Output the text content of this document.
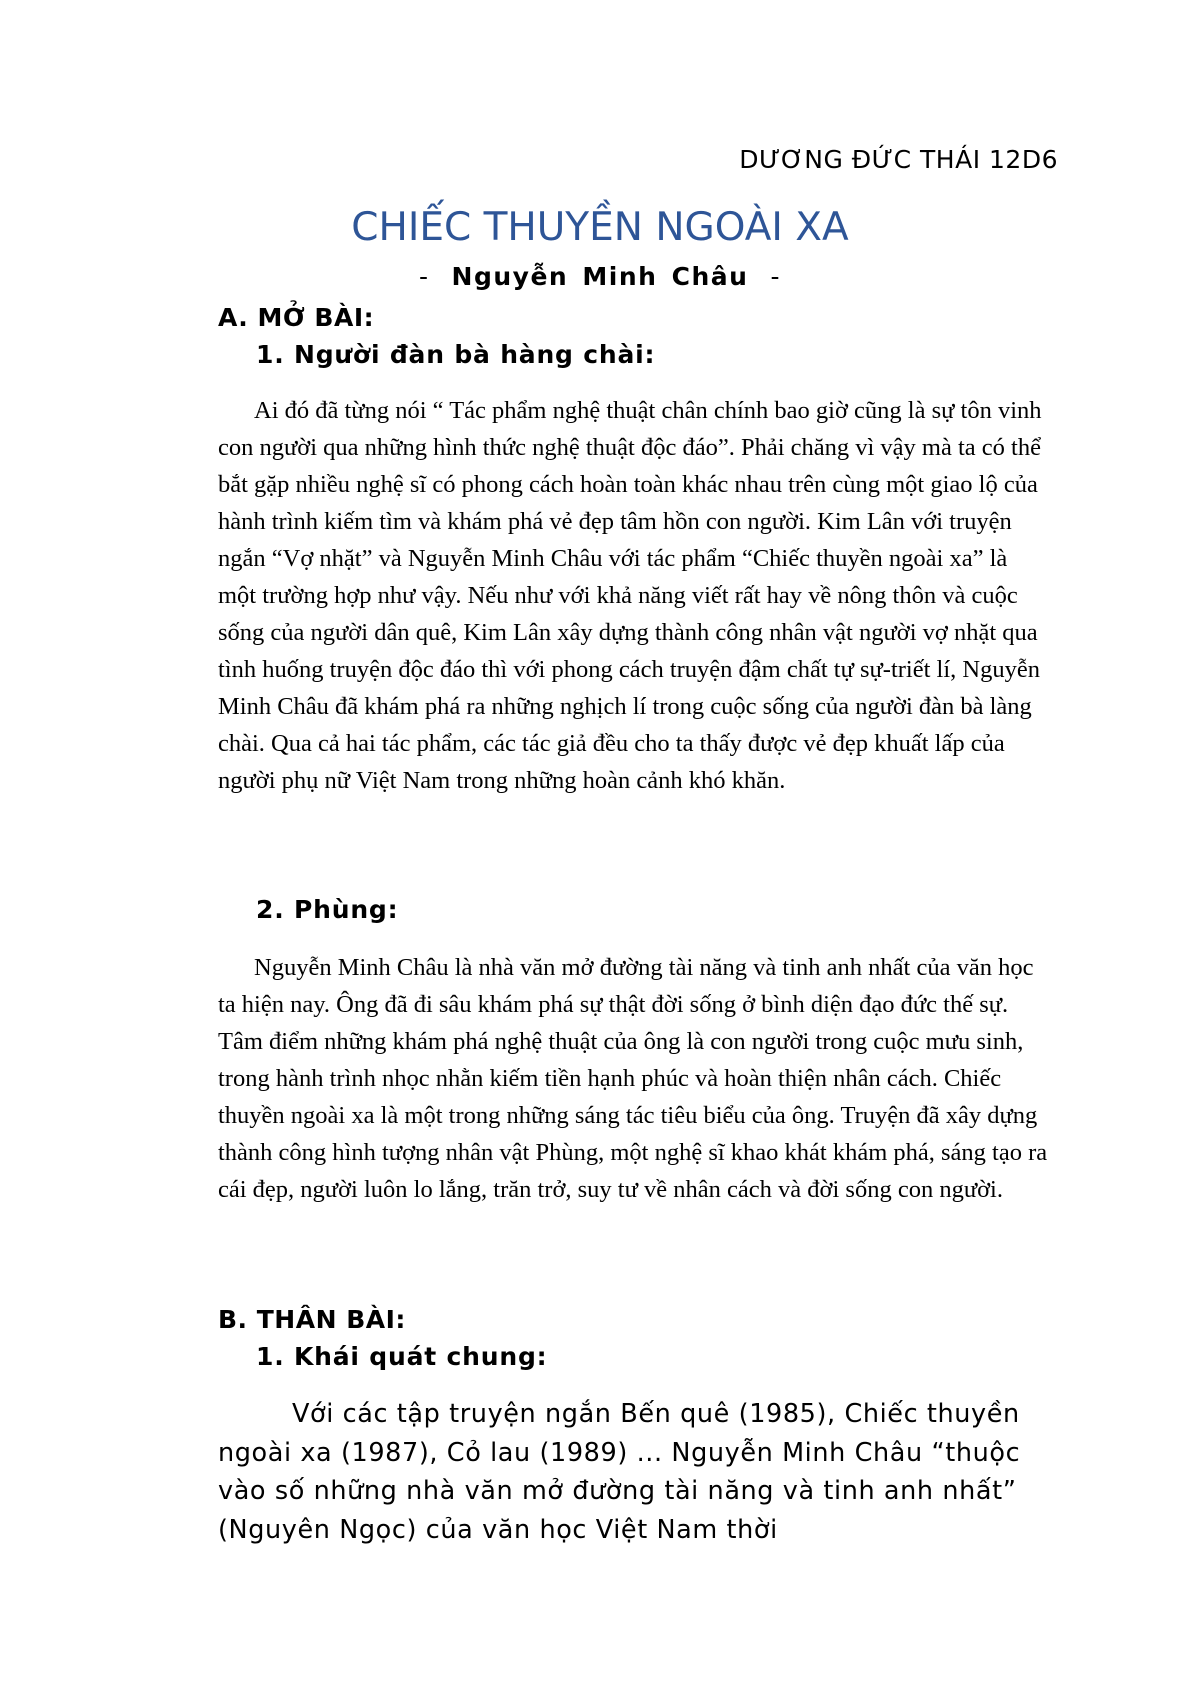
DƯƠNG ĐỨC THÁI 12D6
CHIẾC THUYỀN NGOÀI XA
- Nguyễn Minh Châu -
A. MỞ BÀI:
1. Người đàn bà hàng chài:

Ai đó đã từng nói “ Tác phẩm nghệ thuật chân chính bao giờ cũng là sự tôn vinh con người qua những hình thức nghệ thuật độc đáo”. Phải chăng vì vậy mà ta có thể bắt gặp nhiều nghệ sĩ có phong cách hoàn toàn khác nhau trên cùng một giao lộ của hành trình kiếm tìm và khám phá vẻ đẹp tâm hồn con người. Kim Lân với truyện ngắn “Vợ nhặt” và Nguyễn Minh Châu với tác phẩm “Chiếc thuyền ngoài xa” là một trường hợp như vậy. Nếu như với khả năng viết rất hay về nông thôn và cuộc sống của người dân quê, Kim Lân xây dựng thành công nhân vật người vợ nhặt qua tình huống truyện độc đáo thì với phong cách truyện đậm chất tự sự-triết lí, Nguyễn Minh Châu đã khám phá ra những nghịch lí trong cuộc sống của người đàn bà làng chài. Qua cả hai tác phẩm, các tác giả đều cho ta thấy được vẻ đẹp khuất lấp của người phụ nữ Việt Nam trong những hoàn cảnh khó khăn.

2. Phùng:

Nguyễn Minh Châu là nhà văn mở đường tài năng và tinh anh nhất của văn học ta hiện nay. Ông đã đi sâu khám phá sự thật đời sống ở bình diện đạo đức thế sự. Tâm điểm những khám phá nghệ thuật của ông là con người trong cuộc mưu sinh, trong hành trình nhọc nhằn kiếm tiền hạnh phúc và hoàn thiện nhân cách. Chiếc thuyền ngoài xa là một trong những sáng tác tiêu biểu của ông. Truyện đã xây dựng thành công hình tượng nhân vật Phùng, một nghệ sĩ khao khát khám phá, sáng tạo ra cái đẹp, người luôn lo lắng, trăn trở, suy tư về nhân cách và đời sống con người.

B. THÂN BÀI:
1. Khái quát chung:

Với các tập truyện ngắn Bến quê (1985), Chiếc thuyền ngoài xa (1987), Cỏ lau (1989) ... Nguyễn Minh Châu “thuộc vào số những nhà văn mở đường tài năng và tinh anh nhất” (Nguyên Ngọc) của văn học Việt Nam thời
